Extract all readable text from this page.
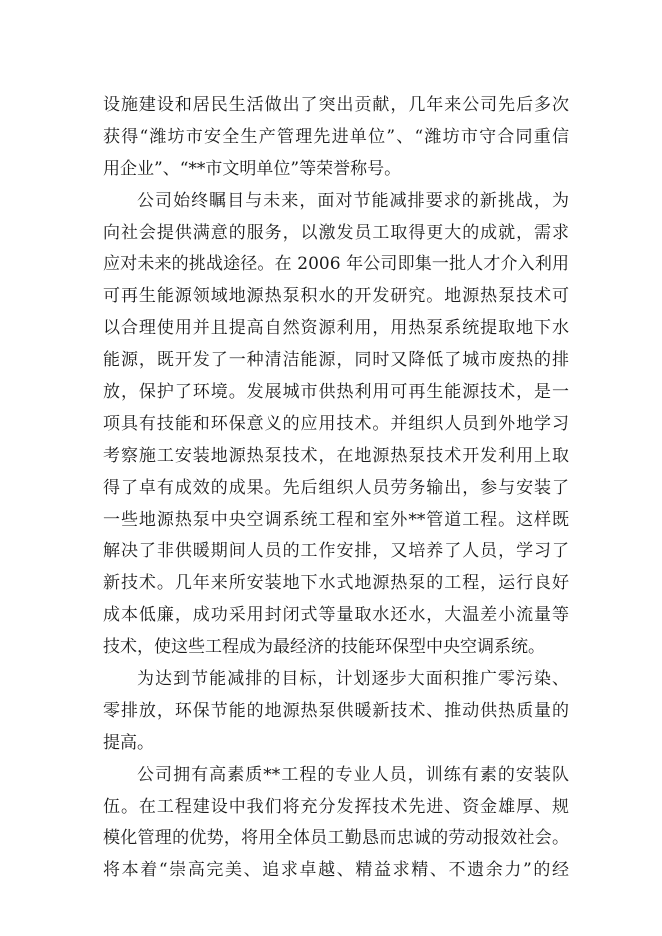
设施建设和居民生活做出了突出贡献，几年来公司先后多次
获得“潍坊市安全生产管理先进单位”、“潍坊市守合同重信
用企业”、“**市文明单位”等荣誉称号。
公司始终瞩目与未来，面对节能减排要求的新挑战，为
向社会提供满意的服务，以激发员工取得更大的成就，需求
应对未来的挑战途径。在 2006 年公司即集一批人才介入利用
可再生能源领域地源热泵积水的开发研究。地源热泵技术可
以合理使用并且提高自然资源利用，用热泵系统提取地下水
能源，既开发了一种清洁能源，同时又降低了城市废热的排
放，保护了环境。发展城市供热利用可再生能源技术，是一
项具有技能和环保意义的应用技术。并组织人员到外地学习
考察施工安装地源热泵技术，在地源热泵技术开发利用上取
得了卓有成效的成果。先后组织人员劳务输出，参与安装了
一些地源热泵中央空调系统工程和室外**管道工程。这样既
解决了非供暖期间人员的工作安排，又培养了人员，学习了
新技术。几年来所安装地下水式地源热泵的工程，运行良好
成本低廉，成功采用封闭式等量取水还水，大温差小流量等
技术，使这些工程成为最经济的技能环保型中央空调系统。
为达到节能减排的目标，计划逐步大面积推广零污染、
零排放，环保节能的地源热泵供暖新技术、推动供热质量的
提高。
公司拥有高素质**工程的专业人员，训练有素的安装队
伍。在工程建设中我们将充分发挥技术先进、资金雄厚、规
模化管理的优势，将用全体员工勤恳而忠诚的劳动报效社会。
将本着“崇高完美、追求卓越、精益求精、不遗余力”的经
